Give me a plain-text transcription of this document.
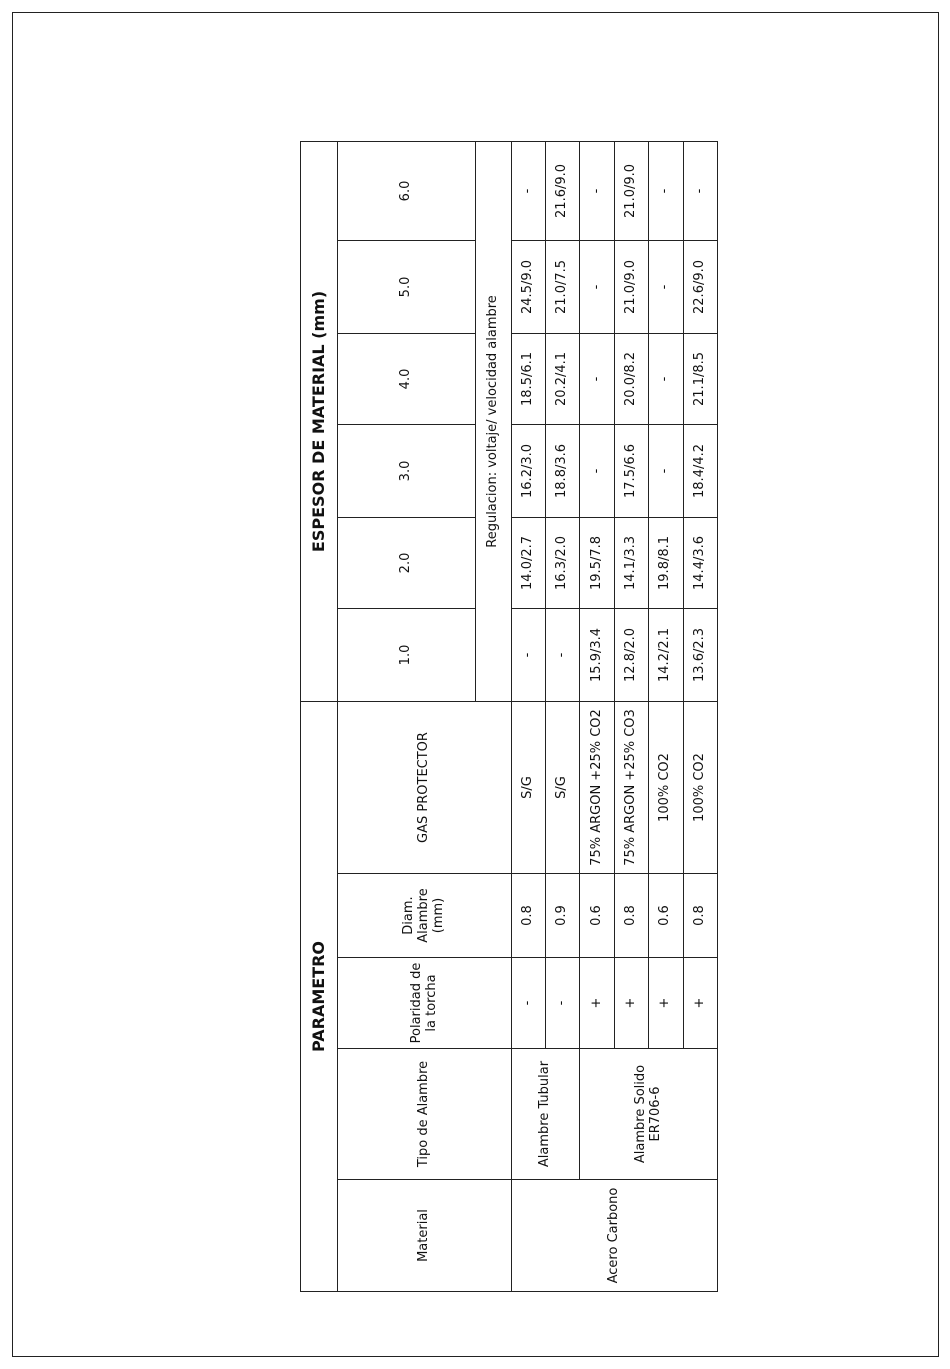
PARAMETRO					ESPESOR DE MATERIAL (mm)					
Material	Tipo de Alambre	Polaridad de la torcha	Diam. Alambre (mm)	GAS PROTECTOR	1.0	2.0	3.0	4.0	5.0	6.0
					Regulacion: voltaje/ velocidad alambre					
Acero Carbono	Alambre Tubular	-	0.8	S/G	-	14.0/2.7	16.2/3.0	18.5/6.1	24.5/9.0	-
		-	0.9	S/G	-	16.3/2.0	18.8/3.6	20.2/4.1	21.0/7.5	21.6/9.0
	Alambre Solido ER706-6	+	0.6	75% ARGON +25% CO2	15.9/3.4	19.5/7.8	-	-	-	-
		+	0.8	75% ARGON +25% CO3	12.8/2.0	14.1/3.3	17.5/6.6	20.0/8.2	21.0/9.0	21.0/9.0
		+	0.6	100% CO2	14.2/2.1	19.8/8.1	-	-	-	-
		+	0.8	100% CO2	13.6/2.3	14.4/3.6	18.4/4.2	21.1/8.5	22.6/9.0	-
